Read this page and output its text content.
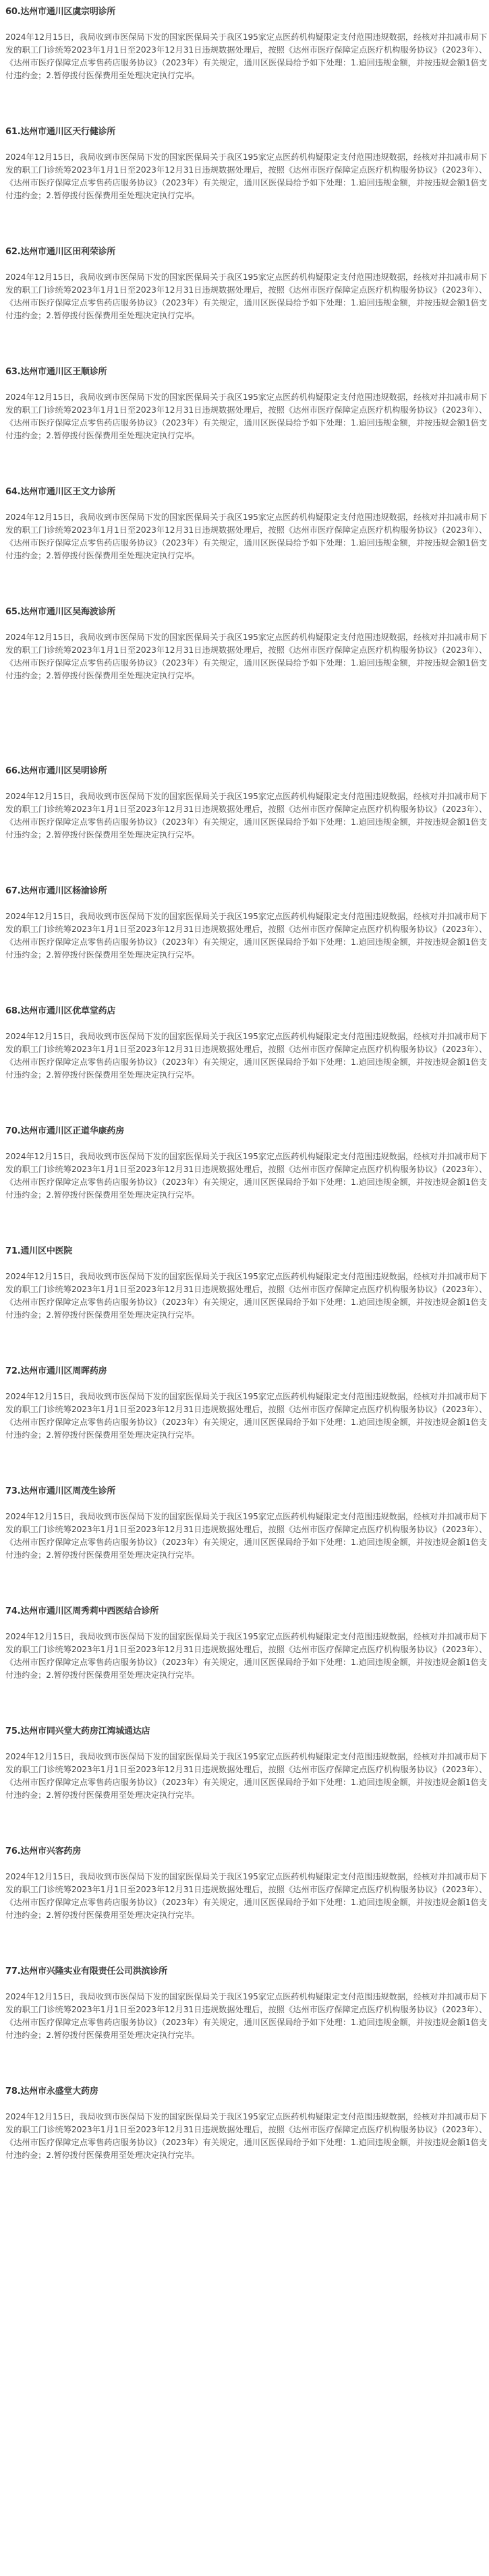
60.达州市通川区虞宗明诊所
2024年12月15日，我局收到市医保局下发的国家医保局关于我区195家定点医药机构疑限定支付范围违规数据，经核对并扣减市局下发的职工门诊统筹2023年1月1日至2023年12月31日违规数据处理后，按照《达州市医疗保障定点医疗机构服务协议》（2023年）、《达州市医疗保障定点零售药店服务协议》（2023年）有关规定，通川区医保局给予如下处理：1.追回违规金额，并按违规金额1倍支付违约金；2.暂停拨付医保费用至处理决定执行完毕。
61.达州市通川区天行健诊所
2024年12月15日，我局收到市医保局下发的国家医保局关于我区195家定点医药机构疑限定支付范围违规数据，经核对并扣减市局下发的职工门诊统筹2023年1月1日至2023年12月31日违规数据处理后，按照《达州市医疗保障定点医疗机构服务协议》（2023年）、《达州市医疗保障定点零售药店服务协议》（2023年）有关规定，通川区医保局给予如下处理：1.追回违规金额，并按违规金额1倍支付违约金；2.暂停拨付医保费用至处理决定执行完毕。
62.达州市通川区田利荣诊所
2024年12月15日，我局收到市医保局下发的国家医保局关于我区195家定点医药机构疑限定支付范围违规数据，经核对并扣减市局下发的职工门诊统筹2023年1月1日至2023年12月31日违规数据处理后，按照《达州市医疗保障定点医疗机构服务协议》（2023年）、《达州市医疗保障定点零售药店服务协议》（2023年）有关规定，通川区医保局给予如下处理：1.追回违规金额，并按违规金额1倍支付违约金；2.暂停拨付医保费用至处理决定执行完毕。
63.达州市通川区王顺诊所
2024年12月15日，我局收到市医保局下发的国家医保局关于我区195家定点医药机构疑限定支付范围违规数据，经核对并扣减市局下发的职工门诊统筹2023年1月1日至2023年12月31日违规数据处理后，按照《达州市医疗保障定点医疗机构服务协议》（2023年）、《达州市医疗保障定点零售药店服务协议》（2023年）有关规定，通川区医保局给予如下处理：1.追回违规金额，并按违规金额1倍支付违约金；2.暂停拨付医保费用至处理决定执行完毕。
64.达州市通川区王文力诊所
2024年12月15日，我局收到市医保局下发的国家医保局关于我区195家定点医药机构疑限定支付范围违规数据，经核对并扣减市局下发的职工门诊统筹2023年1月1日至2023年12月31日违规数据处理后，按照《达州市医疗保障定点医疗机构服务协议》（2023年）、《达州市医疗保障定点零售药店服务协议》（2023年）有关规定，通川区医保局给予如下处理：1.追回违规金额，并按违规金额1倍支付违约金；2.暂停拨付医保费用至处理决定执行完毕。
65.达州市通川区吴海波诊所
2024年12月15日，我局收到市医保局下发的国家医保局关于我区195家定点医药机构疑限定支付范围违规数据，经核对并扣减市局下发的职工门诊统筹2023年1月1日至2023年12月31日违规数据处理后，按照《达州市医疗保障定点医疗机构服务协议》（2023年）、《达州市医疗保障定点零售药店服务协议》（2023年）有关规定，通川区医保局给予如下处理：1.追回违规金额，并按违规金额1倍支付违约金；2.暂停拨付医保费用至处理决定执行完毕。
66.达州市通川区吴明诊所
2024年12月15日，我局收到市医保局下发的国家医保局关于我区195家定点医药机构疑限定支付范围违规数据，经核对并扣减市局下发的职工门诊统筹2023年1月1日至2023年12月31日违规数据处理后，按照《达州市医疗保障定点医疗机构服务协议》（2023年）、《达州市医疗保障定点零售药店服务协议》（2023年）有关规定，通川区医保局给予如下处理：1.追回违规金额，并按违规金额1倍支付违约金；2.暂停拨付医保费用至处理决定执行完毕。
67.达州市通川区杨渝诊所
2024年12月15日，我局收到市医保局下发的国家医保局关于我区195家定点医药机构疑限定支付范围违规数据，经核对并扣减市局下发的职工门诊统筹2023年1月1日至2023年12月31日违规数据处理后，按照《达州市医疗保障定点医疗机构服务协议》（2023年）、《达州市医疗保障定点零售药店服务协议》（2023年）有关规定，通川区医保局给予如下处理：1.追回违规金额，并按违规金额1倍支付违约金；2.暂停拨付医保费用至处理决定执行完毕。
68.达州市通川区优草堂药店
2024年12月15日，我局收到市医保局下发的国家医保局关于我区195家定点医药机构疑限定支付范围违规数据，经核对并扣减市局下发的职工门诊统筹2023年1月1日至2023年12月31日违规数据处理后，按照《达州市医疗保障定点医疗机构服务协议》（2023年）、《达州市医疗保障定点零售药店服务协议》（2023年）有关规定，通川区医保局给予如下处理：1.追回违规金额，并按违规金额1倍支付违约金；2.暂停拨付医保费用至处理决定执行完毕。
70.达州市通川区正道华康药房
2024年12月15日，我局收到市医保局下发的国家医保局关于我区195家定点医药机构疑限定支付范围违规数据，经核对并扣减市局下发的职工门诊统筹2023年1月1日至2023年12月31日违规数据处理后，按照《达州市医疗保障定点医疗机构服务协议》（2023年）、《达州市医疗保障定点零售药店服务协议》（2023年）有关规定，通川区医保局给予如下处理：1.追回违规金额，并按违规金额1倍支付违约金；2.暂停拨付医保费用至处理决定执行完毕。
71.通川区中医院
2024年12月15日，我局收到市医保局下发的国家医保局关于我区195家定点医药机构疑限定支付范围违规数据，经核对并扣减市局下发的职工门诊统筹2023年1月1日至2023年12月31日违规数据处理后，按照《达州市医疗保障定点医疗机构服务协议》（2023年）、《达州市医疗保障定点零售药店服务协议》（2023年）有关规定，通川区医保局给予如下处理：1.追回违规金额，并按违规金额1倍支付违约金；2.暂停拨付医保费用至处理决定执行完毕。
72.达州市通川区周晖药房
2024年12月15日，我局收到市医保局下发的国家医保局关于我区195家定点医药机构疑限定支付范围违规数据，经核对并扣减市局下发的职工门诊统筹2023年1月1日至2023年12月31日违规数据处理后，按照《达州市医疗保障定点医疗机构服务协议》（2023年）、《达州市医疗保障定点零售药店服务协议》（2023年）有关规定，通川区医保局给予如下处理：1.追回违规金额，并按违规金额1倍支付违约金；2.暂停拨付医保费用至处理决定执行完毕。
73.达州市通川区周茂生诊所
2024年12月15日，我局收到市医保局下发的国家医保局关于我区195家定点医药机构疑限定支付范围违规数据，经核对并扣减市局下发的职工门诊统筹2023年1月1日至2023年12月31日违规数据处理后，按照《达州市医疗保障定点医疗机构服务协议》（2023年）、《达州市医疗保障定点零售药店服务协议》（2023年）有关规定，通川区医保局给予如下处理：1.追回违规金额，并按违规金额1倍支付违约金；2.暂停拨付医保费用至处理决定执行完毕。
74.达州市通川区周秀莉中西医结合诊所
2024年12月15日，我局收到市医保局下发的国家医保局关于我区195家定点医药机构疑限定支付范围违规数据，经核对并扣减市局下发的职工门诊统筹2023年1月1日至2023年12月31日违规数据处理后，按照《达州市医疗保障定点医疗机构服务协议》（2023年）、《达州市医疗保障定点零售药店服务协议》（2023年）有关规定，通川区医保局给予如下处理：1.追回违规金额，并按违规金额1倍支付违约金；2.暂停拨付医保费用至处理决定执行完毕。
75.达州市同兴堂大药房江湾城通达店
2024年12月15日，我局收到市医保局下发的国家医保局关于我区195家定点医药机构疑限定支付范围违规数据，经核对并扣减市局下发的职工门诊统筹2023年1月1日至2023年12月31日违规数据处理后，按照《达州市医疗保障定点医疗机构服务协议》（2023年）、《达州市医疗保障定点零售药店服务协议》（2023年）有关规定，通川区医保局给予如下处理：1.追回违规金额，并按违规金额1倍支付违约金；2.暂停拨付医保费用至处理决定执行完毕。
76.达州市兴客药房
2024年12月15日，我局收到市医保局下发的国家医保局关于我区195家定点医药机构疑限定支付范围违规数据，经核对并扣减市局下发的职工门诊统筹2023年1月1日至2023年12月31日违规数据处理后，按照《达州市医疗保障定点医疗机构服务协议》（2023年）、《达州市医疗保障定点零售药店服务协议》（2023年）有关规定，通川区医保局给予如下处理：1.追回违规金额，并按违规金额1倍支付违约金；2.暂停拨付医保费用至处理决定执行完毕。
77.达州市兴隆实业有限责任公司洪滨诊所
2024年12月15日，我局收到市医保局下发的国家医保局关于我区195家定点医药机构疑限定支付范围违规数据，经核对并扣减市局下发的职工门诊统筹2023年1月1日至2023年12月31日违规数据处理后，按照《达州市医疗保障定点医疗机构服务协议》（2023年）、《达州市医疗保障定点零售药店服务协议》（2023年）有关规定，通川区医保局给予如下处理：1.追回违规金额，并按违规金额1倍支付违约金；2.暂停拨付医保费用至处理决定执行完毕。
78.达州市永盛堂大药房
2024年12月15日，我局收到市医保局下发的国家医保局关于我区195家定点医药机构疑限定支付范围违规数据，经核对并扣减市局下发的职工门诊统筹2023年1月1日至2023年12月31日违规数据处理后，按照《达州市医疗保障定点医疗机构服务协议》（2023年）、《达州市医疗保障定点零售药店服务协议》（2023年）有关规定，通川区医保局给予如下处理：1.追回违规金额，并按违规金额1倍支付违约金；2.暂停拨付医保费用至处理决定执行完毕。
